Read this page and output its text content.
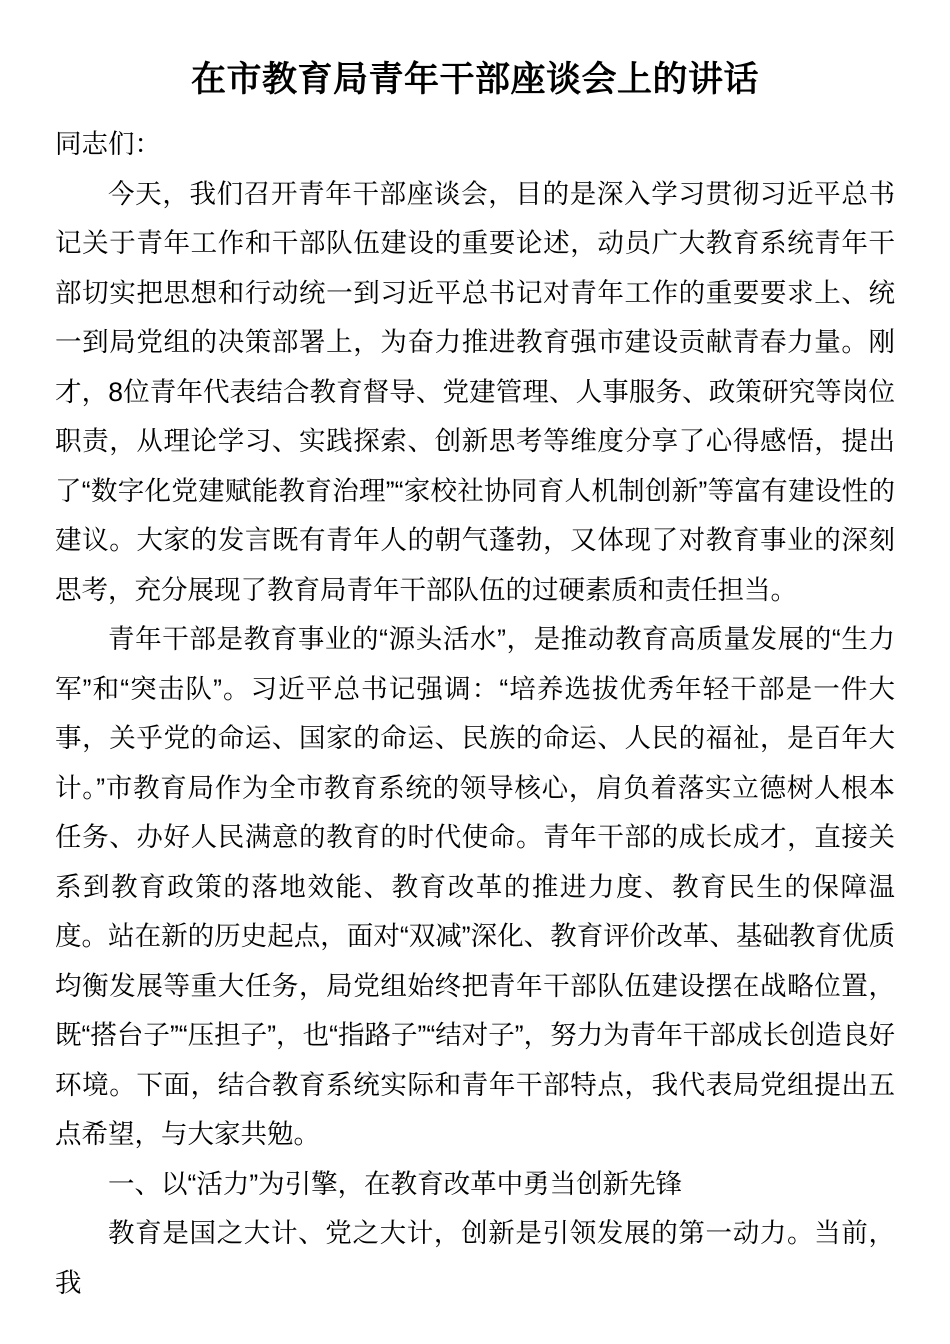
在市教育局青年干部座谈会上的讲话

同志们：

今天，我们召开青年干部座谈会，目的是深入学习贯彻习近平总书记关于青年工作和干部队伍建设的重要论述，动员广大教育系统青年干部切实把思想和行动统一到习近平总书记对青年工作的重要要求上、统一到局党组的决策部署上，为奋力推进教育强市建设贡献青春力量。刚才，8位青年代表结合教育督导、党建管理、人事服务、政策研究等岗位职责，从理论学习、实践探索、创新思考等维度分享了心得感悟，提出了“数字化党建赋能教育治理”“家校社协同育人机制创新”等富有建设性的建议。大家的发言既有青年人的朝气蓬勃，又体现了对教育事业的深刻思考，充分展现了教育局青年干部队伍的过硬素质和责任担当。

青年干部是教育事业的“源头活水”，是推动教育高质量发展的“生力军”和“突击队”。习近平总书记强调：“培养选拔优秀年轻干部是一件大事，关乎党的命运、国家的命运、民族的命运、人民的福祉，是百年大计。”市教育局作为全市教育系统的领导核心，肩负着落实立德树人根本任务、办好人民满意的教育的时代使命。青年干部的成长成才，直接关系到教育政策的落地效能、教育改革的推进力度、教育民生的保障温度。站在新的历史起点，面对“双减”深化、教育评价改革、基础教育优质均衡发展等重大任务，局党组始终把青年干部队伍建设摆在战略位置，既“搭台子”“压担子”，也“指路子”“结对子”，努力为青年干部成长创造良好环境。下面，结合教育系统实际和青年干部特点，我代表局党组提出五点希望，与大家共勉。

一、以“活力”为引擎，在教育改革中勇当创新先锋

教育是国之大计、党之大计，创新是引领发展的第一动力。当前，我
